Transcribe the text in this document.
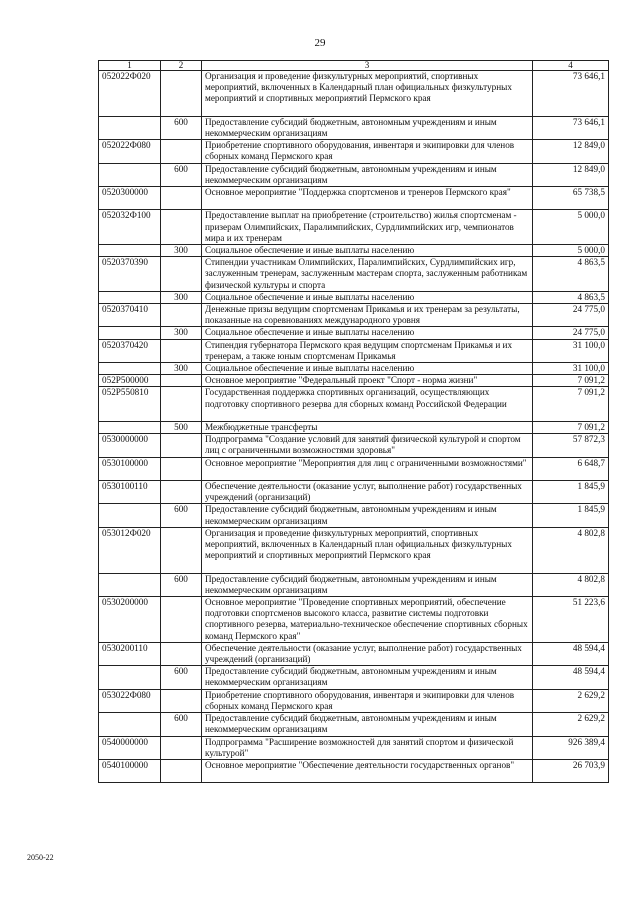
29
1	2	3	4
052022Ф020		Организация и проведение физкультурных мероприятий, спортивных мероприятий, включенных в Календарный план официальных физкультурных мероприятий и спортивных мероприятий Пермского края	73 646,1
	600	Предоставление субсидий бюджетным, автономным учреждениям и иным некоммерческим организациям	73 646,1
052022Ф080		Приобретение спортивного оборудования, инвентаря и экипировки для членов сборных команд Пермского края	12 849,0
	600	Предоставление субсидий бюджетным, автономным учреждениям и иным некоммерческим организациям	12 849,0
0520300000		Основное мероприятие "Поддержка спортсменов и тренеров Пермского края"	65 738,5
052032Ф100		Предоставление выплат на приобретение (строительство) жилья спортсменам - призерам Олимпийских, Паралимпийских, Сурдлимпийских игр, чемпионатов мира и их тренерам	5 000,0
	300	Социальное обеспечение и иные выплаты населению	5 000,0
0520370390		Стипендии участникам Олимпийских, Паралимпийских, Сурдлимпийских игр, заслуженным тренерам, заслуженным мастерам спорта, заслуженным работникам физической культуры и спорта	4 863,5
	300	Социальное обеспечение и иные выплаты населению	4 863,5
0520370410		Денежные призы ведущим спортсменам Прикамья и их тренерам за результаты, показанные на соревнованиях международного уровня	24 775,0
	300	Социальное обеспечение и иные выплаты населению	24 775,0
0520370420		Стипендия губернатора Пермского края ведущим спортсменам Прикамья и их тренерам, а также юным спортсменам Прикамья	31 100,0
	300	Социальное обеспечение и иные выплаты населению	31 100,0
052P500000		Основное мероприятие "Федеральный проект "Спорт - норма жизни"	7 091,2
052P550810		Государственная поддержка спортивных организаций, осуществляющих подготовку спортивного резерва для сборных команд Российской Федерации	7 091,2
	500	Межбюджетные трансферты	7 091,2
0530000000		Подпрограмма "Создание условий для занятий физической культурой и спортом лиц с ограниченными возможностями здоровья"	57 872,3
0530100000		Основное мероприятие "Мероприятия для лиц с ограниченными возможностями"	6 648,7
0530100110		Обеспечение деятельности (оказание услуг, выполнение работ) государственных учреждений (организаций)	1 845,9
	600	Предоставление субсидий бюджетным, автономным учреждениям и иным некоммерческим организациям	1 845,9
053012Ф020		Организация и проведение физкультурных мероприятий, спортивных мероприятий, включенных в Календарный план официальных физкультурных мероприятий и спортивных мероприятий Пермского края	4 802,8
	600	Предоставление субсидий бюджетным, автономным учреждениям и иным некоммерческим организациям	4 802,8
0530200000		Основное мероприятие "Проведение спортивных мероприятий, обеспечение подготовки спортсменов высокого класса, развитие системы подготовки спортивного резерва, материально-техническое обеспечение спортивных сборных команд Пермского края"	51 223,6
0530200110		Обеспечение деятельности (оказание услуг, выполнение работ) государственных учреждений (организаций)	48 594,4
	600	Предоставление субсидий бюджетным, автономным учреждениям и иным некоммерческим организациям	48 594,4
053022Ф080		Приобретение спортивного оборудования, инвентаря и экипировки для членов сборных команд Пермского края	2 629,2
	600	Предоставление субсидий бюджетным, автономным учреждениям и иным некоммерческим организациям	2 629,2
0540000000		Подпрограмма "Расширение возможностей для занятий спортом и физической культурой"	926 389,4
0540100000		Основное мероприятие "Обеспечение деятельности государственных органов"	26 703,9
2050-22
